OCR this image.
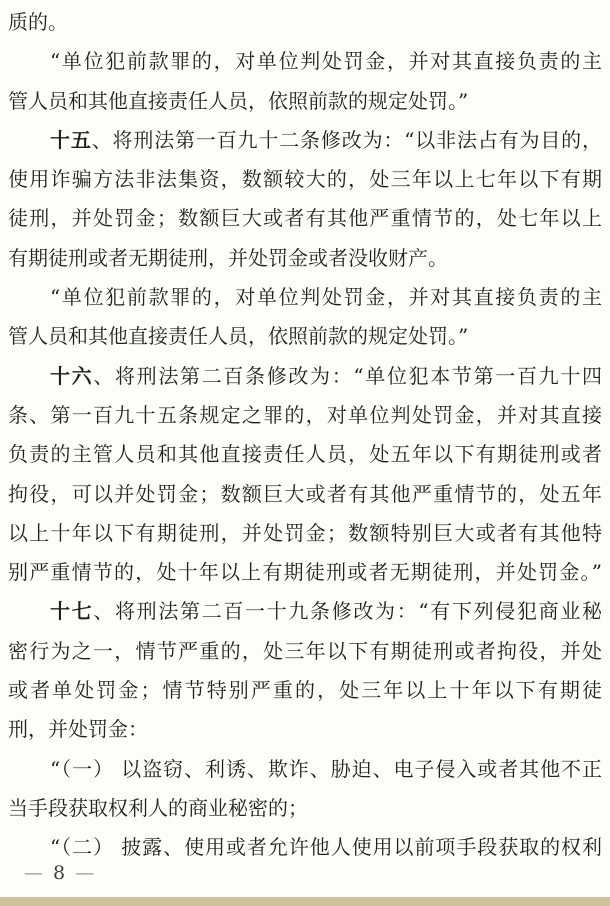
质的。
“单位犯前款罪的，对单位判处罚金，并对其直接负责的主
管人员和其他直接责任人员，依照前款的规定处罚。”
十五、将刑法第一百九十二条修改为：“以非法占有为目的，
使用诈骗方法非法集资，数额较大的，处三年以上七年以下有期
徒刑，并处罚金；数额巨大或者有其他严重情节的，处七年以上
有期徒刑或者无期徒刑，并处罚金或者没收财产。
“单位犯前款罪的，对单位判处罚金，并对其直接负责的主
管人员和其他直接责任人员，依照前款的规定处罚。”
十六、将刑法第二百条修改为：“单位犯本节第一百九十四
条、第一百九十五条规定之罪的，对单位判处罚金，并对其直接
负责的主管人员和其他直接责任人员，处五年以下有期徒刑或者
拘役，可以并处罚金；数额巨大或者有其他严重情节的，处五年
以上十年以下有期徒刑，并处罚金；数额特别巨大或者有其他特
别严重情节的，处十年以上有期徒刑或者无期徒刑，并处罚金。”
十七、将刑法第二百一十九条修改为：“有下列侵犯商业秘
密行为之一，情节严重的，处三年以下有期徒刑或者拘役，并处
或者单处罚金；情节特别严重的，处三年以上十年以下有期徒
刑，并处罚金：
“（一） 以盗窃、利诱、欺诈、胁迫、电子侵入或者其他不正
当手段获取权利人的商业秘密的；
“（二） 披露、使用或者允许他人使用以前项手段获取的权利
— 8 —
